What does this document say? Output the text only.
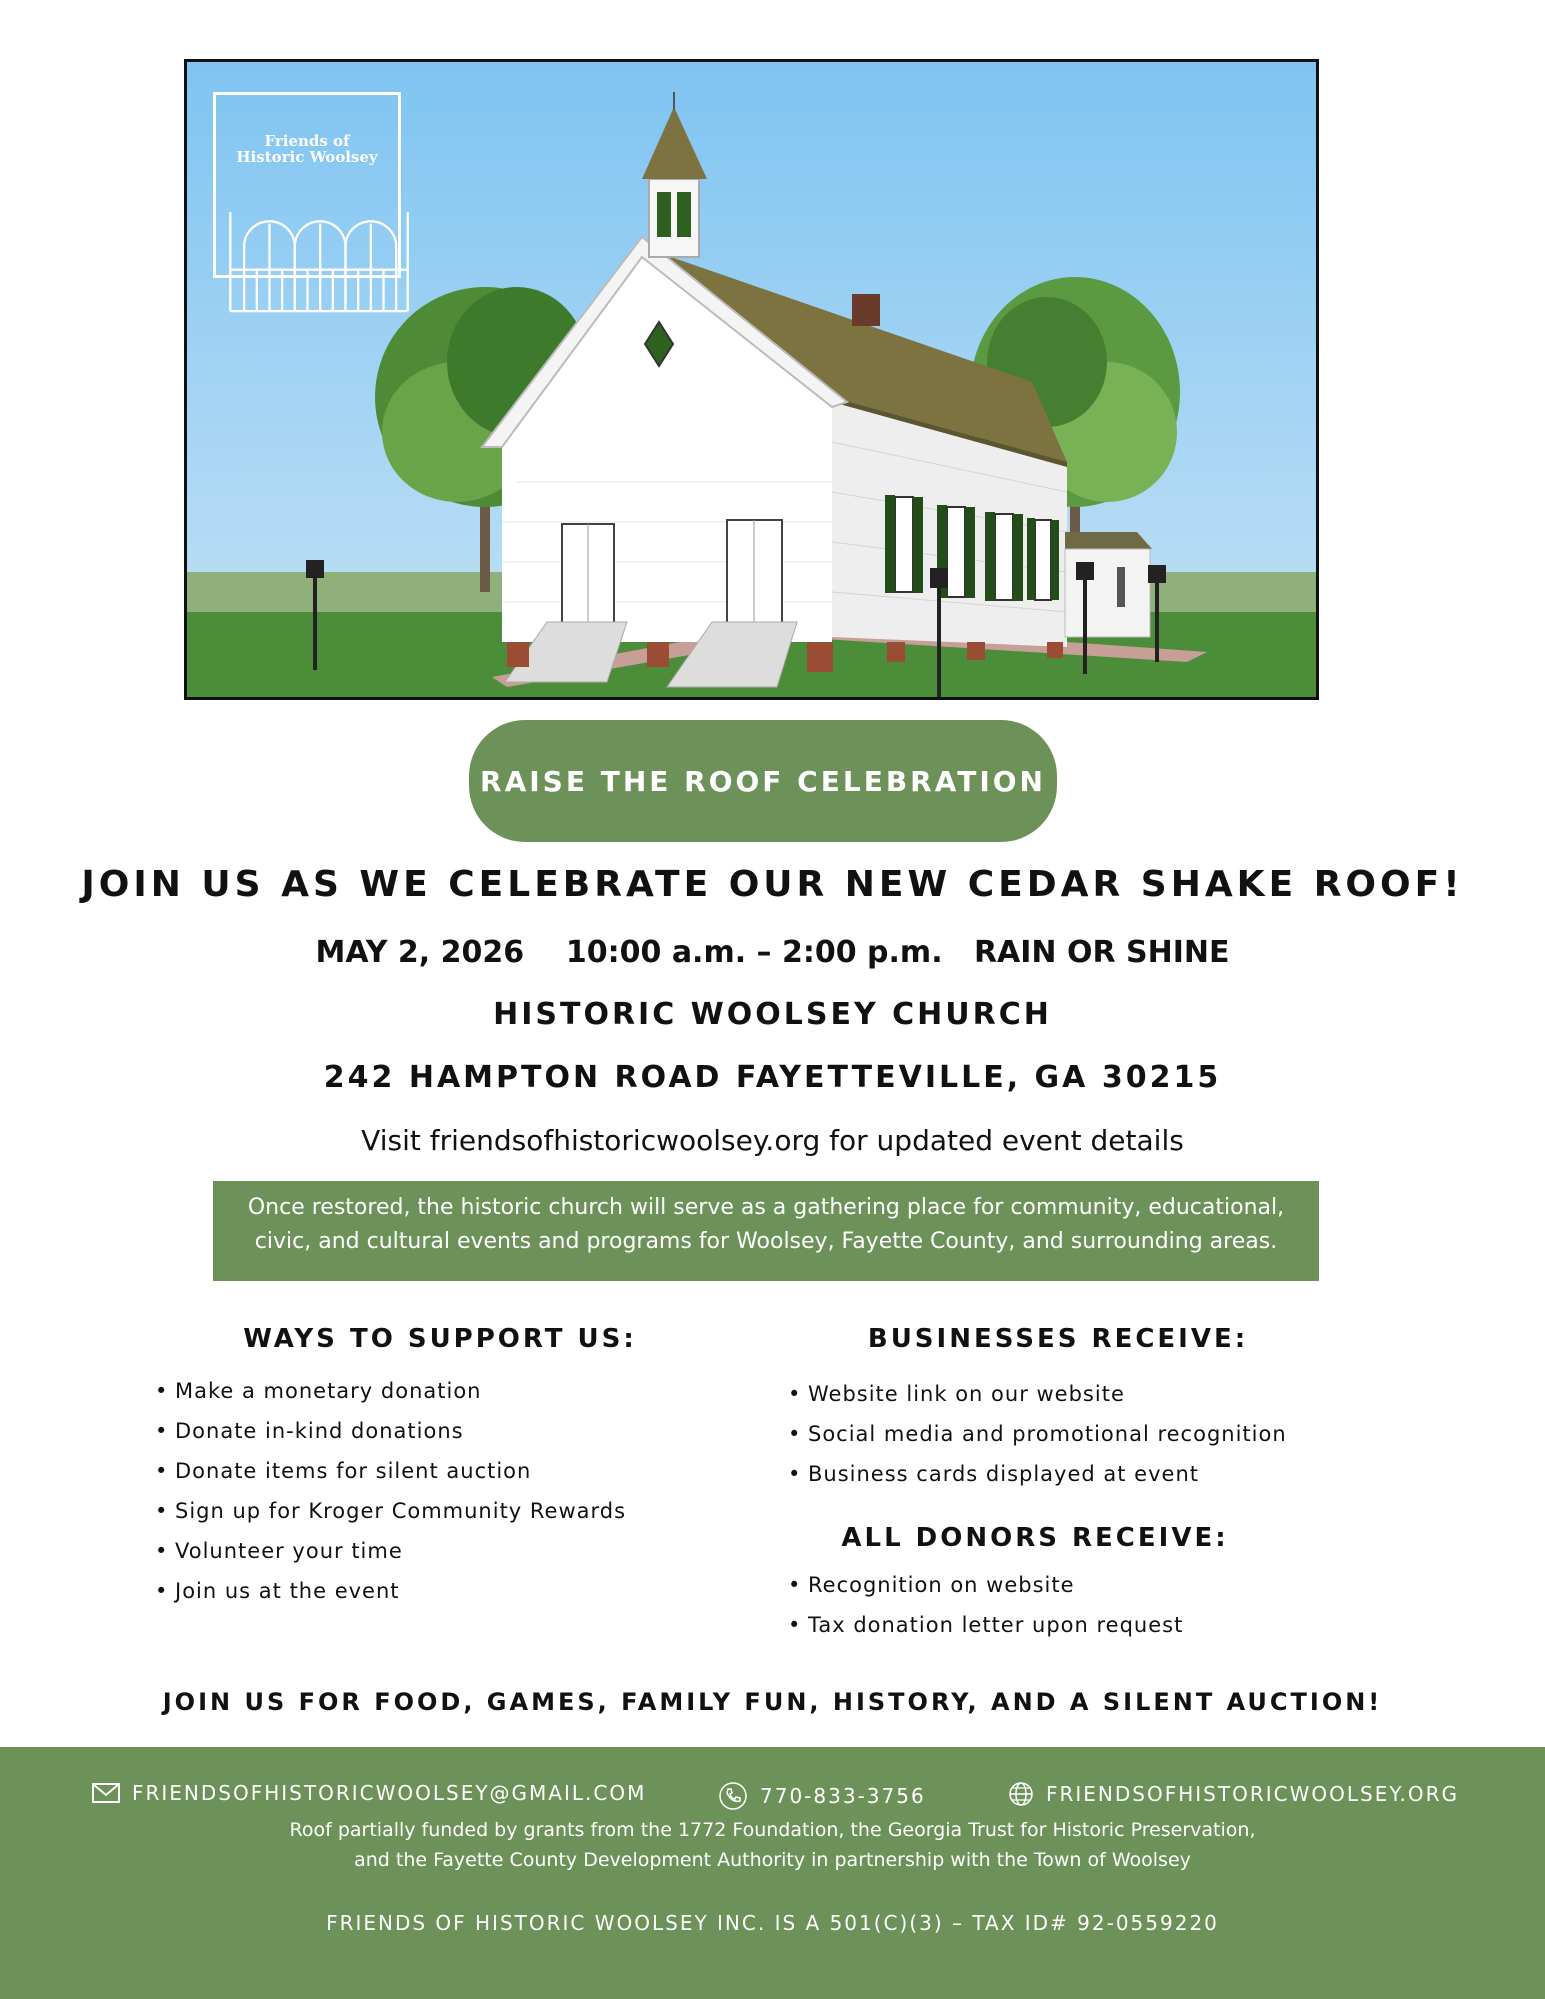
Friends of
Historic Woolsey
RAISE THE ROOF CELEBRATION
JOIN US AS WE CELEBRATE OUR NEW CEDAR SHAKE ROOF!
MAY 2, 2026 10:00 a.m. – 2:00 p.m. RAIN OR SHINE
HISTORIC WOOLSEY CHURCH
242 HAMPTON ROAD FAYETTEVILLE, GA 30215
Visit friendsofhistoricwoolsey.org for updated event details
Once restored, the historic church will serve as a gathering place for community, educational,
civic, and cultural events and programs for Woolsey, Fayette County, and surrounding areas.
WAYS TO SUPPORT US:
• Make a monetary donation
• Donate in-kind donations
• Donate items for silent auction
• Sign up for Kroger Community Rewards
• Volunteer your time
• Join us at the event
BUSINESSES RECEIVE:
• Website link on our website
• Social media and promotional recognition
• Business cards displayed at event
ALL DONORS RECEIVE:
• Recognition on website
• Tax donation letter upon request
JOIN US FOR FOOD, GAMES, FAMILY FUN, HISTORY, AND A SILENT AUCTION!
FRIENDSOFHISTORICWOOLSEY@GMAIL.COM	770-833-3756	FRIENDSOFHISTORICWOOLSEY.ORG
Roof partially funded by grants from the 1772 Foundation, the Georgia Trust for Historic Preservation,
and the Fayette County Development Authority in partnership with the Town of Woolsey
FRIENDS OF HISTORIC WOOLSEY INC. IS A 501(C)(3) – TAX ID# 92-0559220
